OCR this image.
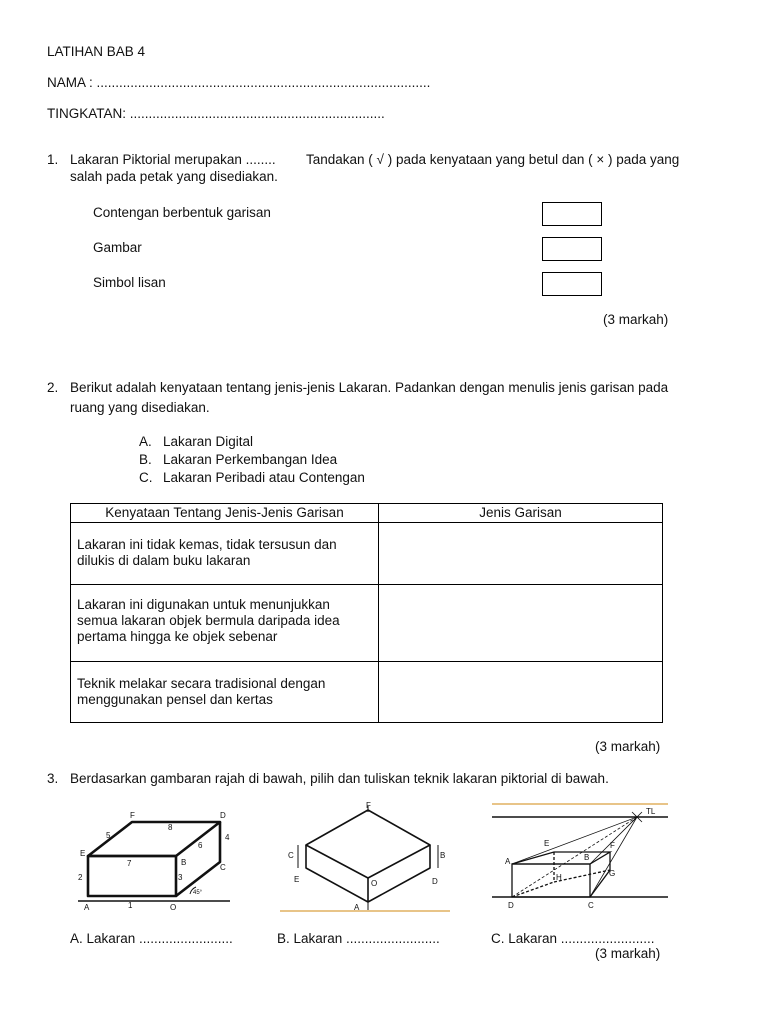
LATIHAN BAB 4
NAMA : .........................................................................................
TINGKATAN: ....................................................................
1. Lakaran Piktorial merupakan ........ Tandakan ( √ ) pada kenyataan yang betul dan ( × ) pada yang
salah pada petak yang disediakan.
Contengan berbentuk garisan
Gambar
Simbol lisan
(3 markah)
2. Berikut adalah kenyataan tentang jenis-jenis Lakaran. Padankan dengan menulis jenis garisan pada
ruang yang disediakan.
A. Lakaran Digital
B. Lakaran Perkembangan Idea
C. Lakaran Peribadi atau Contengan
Kenyataan Tentang Jenis-Jenis Garisan	Jenis Garisan

Lakaran ini tidak kemas, tidak tersusun dan
dilukis di dalam buku lakaran	

Lakaran ini digunakan untuk menunjukkan
semua lakaran objek bermula daripada idea
pertama hingga ke objek sebenar	

Teknik melakar secara tradisional dengan
menggunakan pensel dan kertas	

(3 markah)
3. Berdasarkan gambaran rajah di bawah, pilih dan tuliskan teknik lakaran piktorial di bawah.
F	D
8
5
6
4
E
7	B
C
2	3
45°
A	1	O
F
C	B
E	O	D
A
TL
E	F
A	B
H	G
D	C
A. Lakaran .........................	B. Lakaran .........................	C. Lakaran .........................
(3 markah)
